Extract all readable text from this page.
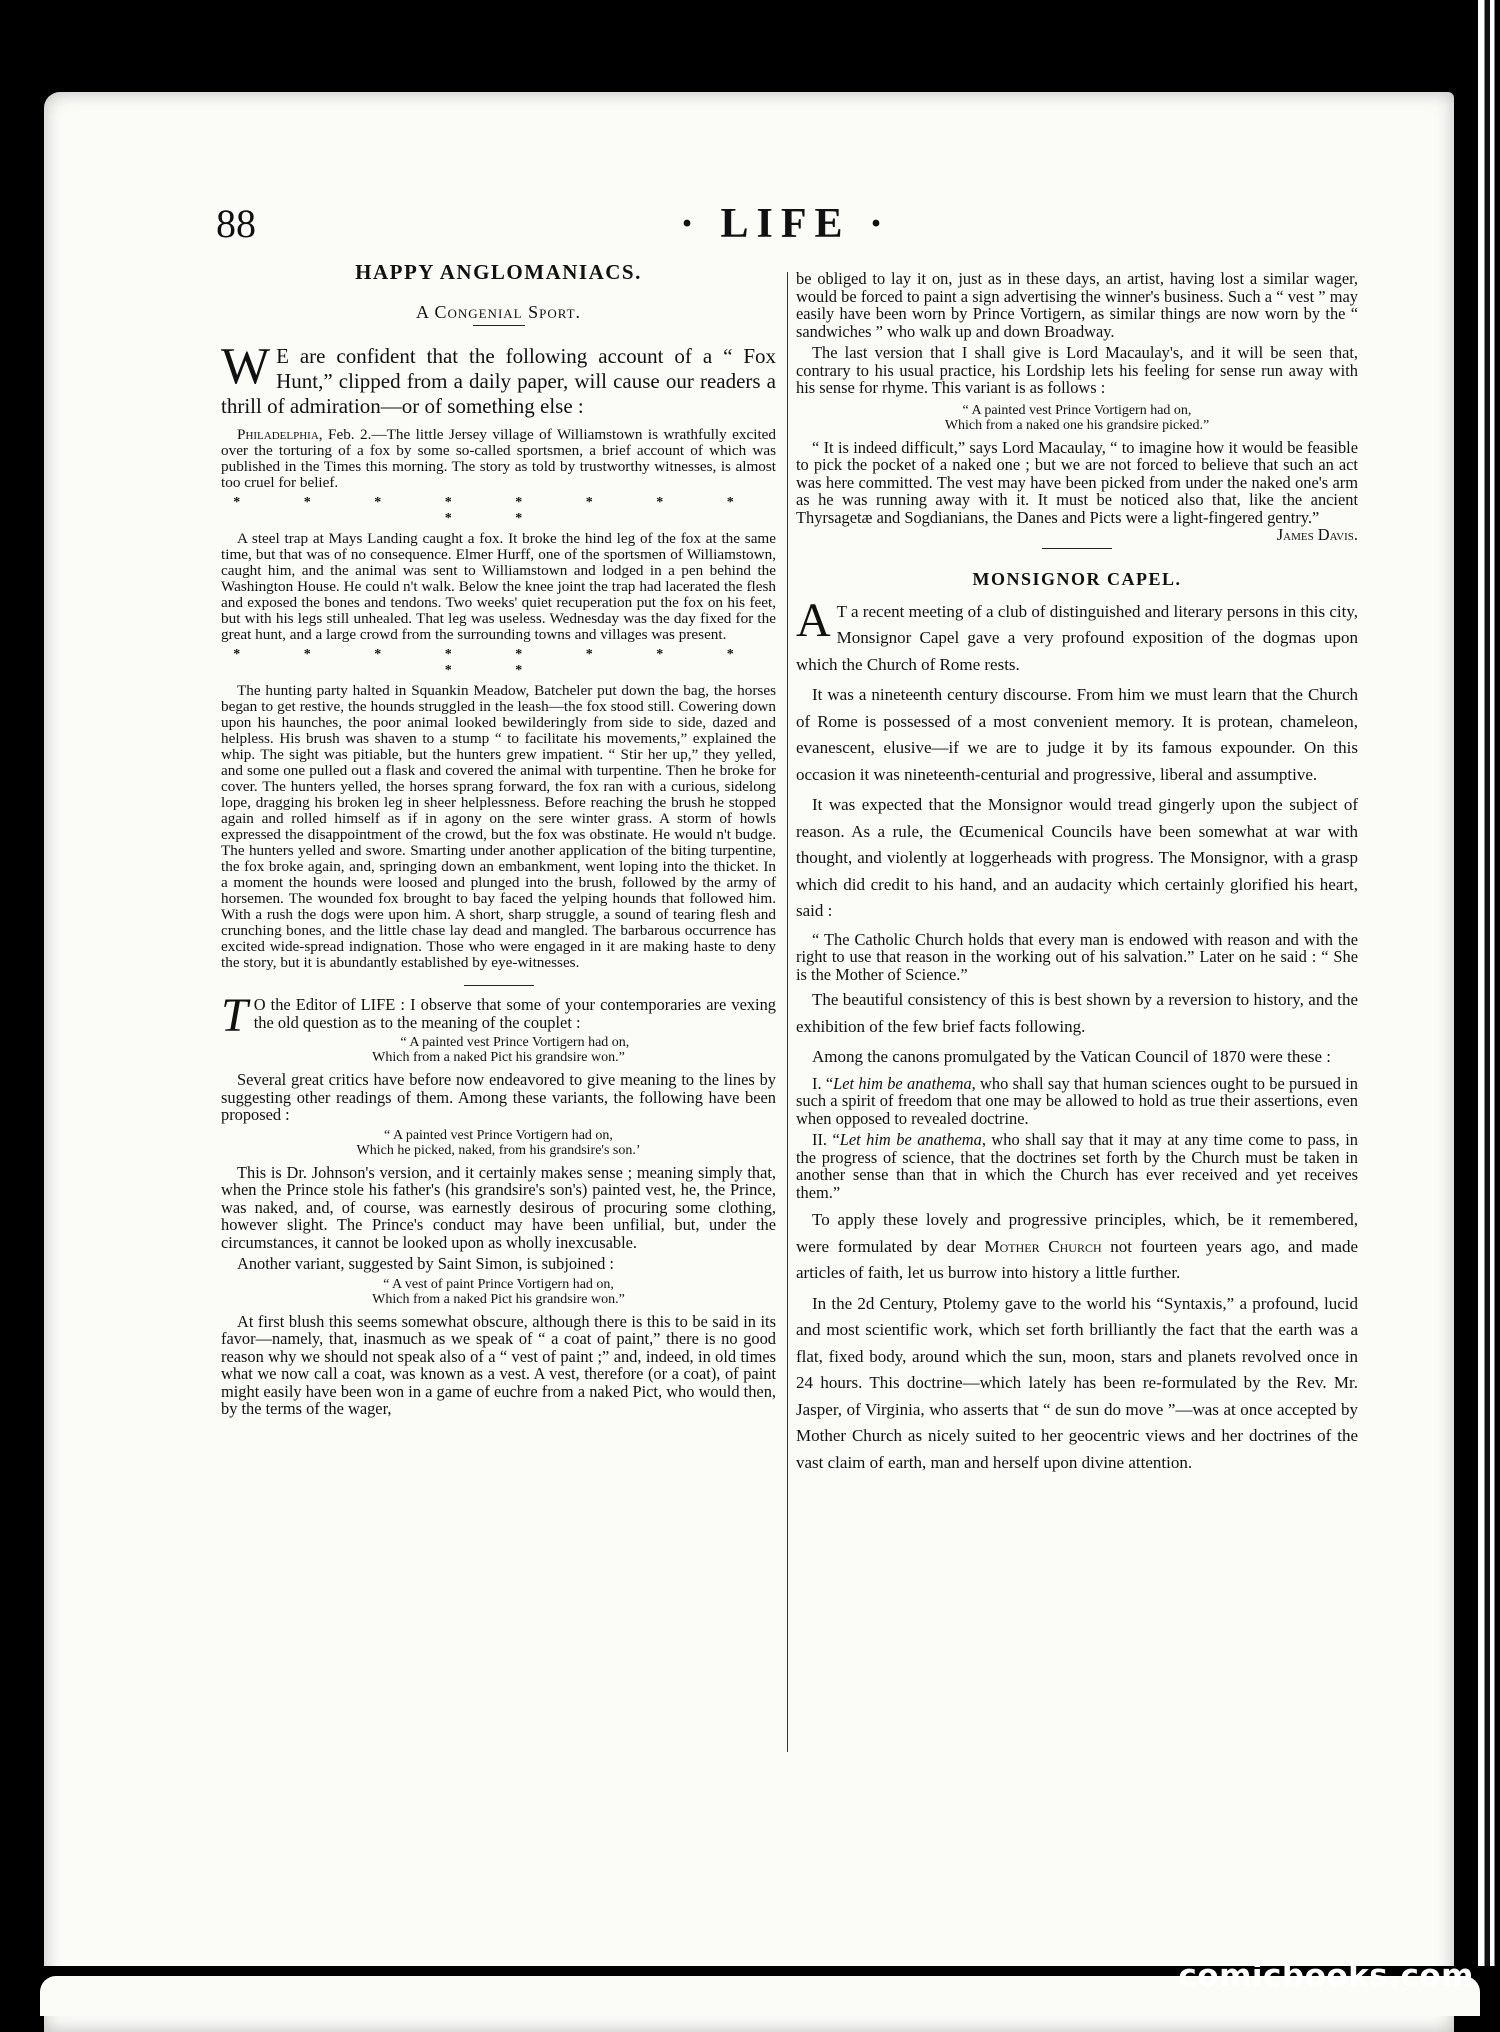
comicbooks.com
88	· LIFE ·
HAPPY ANGLOMANIACS.
A Congenial Sport.

W E are confident that the following account of a “ Fox Hunt,” clipped from a daily paper, will cause our readers a thrill of admiration—or of something else :

Philadelphia, Feb. 2.—The little Jersey village of Williamstown is wrathfully excited over the torturing of a fox by some so-called sportsmen, a brief account of which was published in the Times this morning. The story as told by trustworthy witnesses, is almost too cruel for belief.

* * * * * * * * * *

A steel trap at Mays Landing caught a fox. It broke the hind leg of the fox at the same time, but that was of no consequence. Elmer Hurff, one of the sportsmen of Williamstown, caught him, and the animal was sent to Williamstown and lodged in a pen behind the Washington House. He could n't walk. Below the knee joint the trap had lacerated the flesh and exposed the bones and tendons. Two weeks' quiet recuperation put the fox on his feet, but with his legs still unhealed. That leg was useless. Wednesday was the day fixed for the great hunt, and a large crowd from the surrounding towns and villages was present.

* * * * * * * * * *

The hunting party halted in Squankin Meadow, Batcheler put down the bag, the horses began to get restive, the hounds struggled in the leash—the fox stood still. Cowering down upon his haunches, the poor animal looked bewilderingly from side to side, dazed and helpless. His brush was shaven to a stump “ to facilitate his movements,” explained the whip. The sight was pitiable, but the hunters grew impatient. “ Stir her up,” they yelled, and some one pulled out a flask and covered the animal with turpentine. Then he broke for cover. The hunters yelled, the horses sprang forward, the fox ran with a curious, sidelong lope, dragging his broken leg in sheer helplessness. Before reaching the brush he stopped again and rolled himself as if in agony on the sere winter grass. A storm of howls expressed the disappointment of the crowd, but the fox was obstinate. He would n't budge. The hunters yelled and swore. Smarting under another application of the biting turpentine, the fox broke again, and, springing down an embankment, went loping into the thicket. In a moment the hounds were loosed and plunged into the brush, followed by the army of horsemen. The wounded fox brought to bay faced the yelping hounds that followed him. With a rush the dogs were upon him. A short, sharp struggle, a sound of tearing flesh and crunching bones, and the little chase lay dead and mangled. The barbarous occurrence has excited wide-spread indignation. Those who were engaged in it are making haste to deny the story, but it is abundantly established by eye-witnesses.

T O the Editor of LIFE : I observe that some of your contemporaries are vexing the old question as to the meaning of the couplet :

“ A painted vest Prince Vortigern had on,
Which from a naked Pict his grandsire won.”

Several great critics have before now endeavored to give meaning to the lines by suggesting other readings of them. Among these variants, the following have been proposed :

“ A painted vest Prince Vortigern had on,
Which he picked, naked, from his grandsire's son.’

This is Dr. Johnson's version, and it certainly makes sense ; meaning simply that, when the Prince stole his father's (his grandsire's son's) painted vest, he, the Prince, was naked, and, of course, was earnestly desirous of procuring some clothing, however slight. The Prince's conduct may have been unfilial, but, under the circumstances, it cannot be looked upon as wholly inexcusable.

Another variant, suggested by Saint Simon, is subjoined :

“ A vest of paint Prince Vortigern had on,
Which from a naked Pict his grandsire won.”

At first blush this seems somewhat obscure, although there is this to be said in its favor—namely, that, inasmuch as we speak of “ a coat of paint,” there is no good reason why we should not speak also of a “ vest of paint ;” and, indeed, in old times what we now call a coat, was known as a vest. A vest, therefore (or a coat), of paint might easily have been won in a game of euchre from a naked Pict, who would then, by the terms of the wager,

be obliged to lay it on, just as in these days, an artist, having lost a similar wager, would be forced to paint a sign advertising the winner's business. Such a “ vest ” may easily have been worn by Prince Vortigern, as similar things are now worn by the “ sandwiches ” who walk up and down Broadway.

The last version that I shall give is Lord Macaulay's, and it will be seen that, contrary to his usual practice, his Lordship lets his feeling for sense run away with his sense for rhyme. This variant is as follows :

“ A painted vest Prince Vortigern had on,
Which from a naked one his grandsire picked.”

“ It is indeed difficult,” says Lord Macaulay, “ to imagine how it would be feasible to pick the pocket of a naked one ; but we are not forced to believe that such an act was here committed. The vest may have been picked from under the naked one's arm as he was running away with it. It must be noticed also that, like the ancient Thyrsagetæ and Sogdianians, the Danes and Picts were a light-fingered gentry.”
James Davis.

MONSIGNOR CAPEL.

A T a recent meeting of a club of distinguished and literary persons in this city, Monsignor Capel gave a very profound exposition of the dogmas upon which the Church of Rome rests.

It was a nineteenth century discourse. From him we must learn that the Church of Rome is possessed of a most convenient memory. It is protean, chameleon, evanescent, elusive—if we are to judge it by its famous expounder. On this occasion it was nineteenth-centurial and progressive, liberal and assumptive.

It was expected that the Monsignor would tread gingerly upon the subject of reason. As a rule, the Œcumenical Councils have been somewhat at war with thought, and violently at loggerheads with progress. The Monsignor, with a grasp which did credit to his hand, and an audacity which certainly glorified his heart, said :

“ The Catholic Church holds that every man is endowed with reason and with the right to use that reason in the working out of his salvation.” Later on he said : “ She is the Mother of Science.”

The beautiful consistency of this is best shown by a reversion to history, and the exhibition of the few brief facts following.

Among the canons promulgated by the Vatican Council of 1870 were these :

I. “Let him be anathema, who shall say that human sciences ought to be pursued in such a spirit of freedom that one may be allowed to hold as true their assertions, even when opposed to revealed doctrine.

II. “Let him be anathema, who shall say that it may at any time come to pass, in the progress of science, that the doctrines set forth by the Church must be taken in another sense than that in which the Church has ever received and yet receives them.”

To apply these lovely and progressive principles, which, be it remembered, were formulated by dear Mother Church not fourteen years ago, and made articles of faith, let us burrow into history a little further.

In the 2d Century, Ptolemy gave to the world his “Syntaxis,” a profound, lucid and most scientific work, which set forth brilliantly the fact that the earth was a flat, fixed body, around which the sun, moon, stars and planets revolved once in 24 hours. This doctrine—which lately has been re-formulated by the Rev. Mr. Jasper, of Virginia, who asserts that “ de sun do move ”—was at once accepted by Mother Church as nicely suited to her geocentric views and her doctrines of the vast claim of earth, man and herself upon divine attention.
